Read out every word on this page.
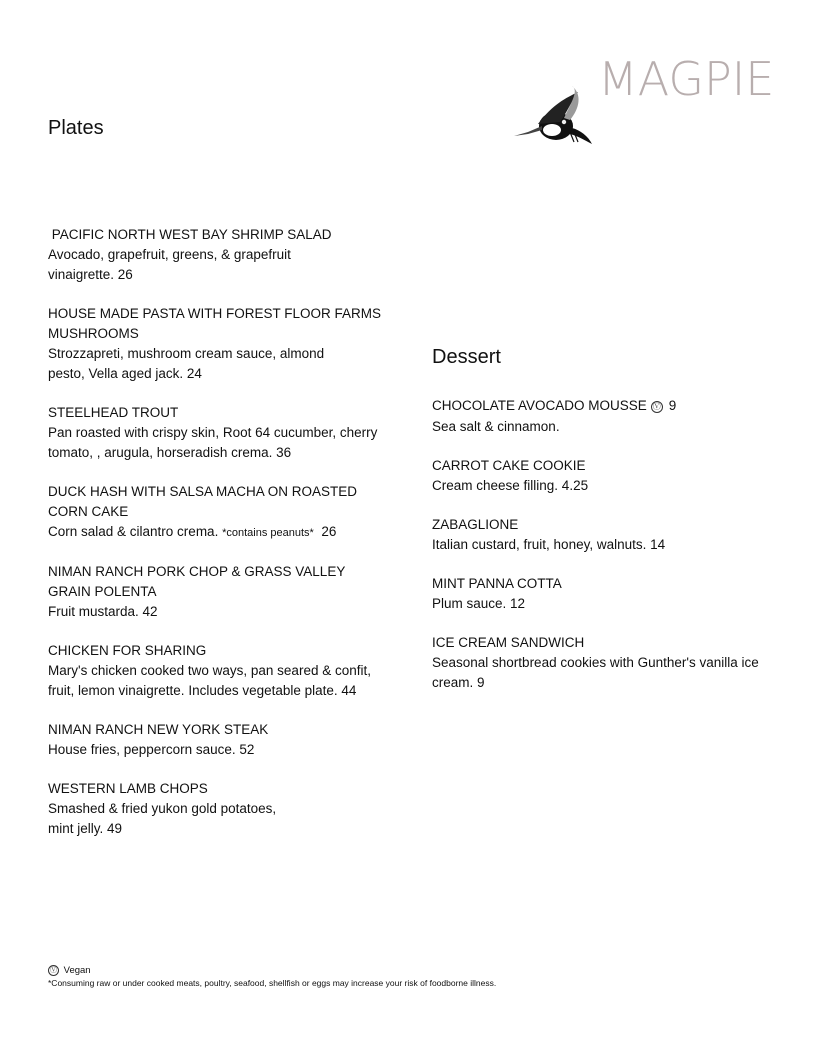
MAGPIE
Plates
PACIFIC NORTH WEST BAY SHRIMP SALAD
Avocado, grapefruit, greens, & grapefruit vinaigrette. 26
HOUSE MADE PASTA WITH FOREST FLOOR FARMS MUSHROOMS
Strozzapreti, mushroom cream sauce, almond pesto, Vella aged jack. 24
STEELHEAD TROUT
Pan roasted with crispy skin, Root 64 cucumber, cherry tomato, , arugula, horseradish crema. 36
DUCK HASH WITH SALSA MACHA ON ROASTED CORN CAKE
Corn salad & cilantro crema. *contains peanuts*  26
NIMAN RANCH PORK CHOP & GRASS VALLEY GRAIN POLENTA
Fruit mustarda. 42
CHICKEN FOR SHARING
Mary's chicken cooked two ways, pan seared & confit, fruit, lemon vinaigrette. Includes vegetable plate. 44
NIMAN RANCH NEW YORK STEAK
House fries, peppercorn sauce. 52
WESTERN LAMB CHOPS
Smashed & fried yukon gold potatoes,
mint jelly. 49
Dessert
CHOCOLATE AVOCADO MOUSSE Ⓥ 9
Sea salt & cinnamon.
CARROT CAKE COOKIE
Cream cheese filling. 4.25
ZABAGLIONE
Italian custard, fruit, honey, walnuts. 14
MINT PANNA COTTA
Plum sauce. 12
ICE CREAM SANDWICH
Seasonal shortbread cookies with Gunther's vanilla ice cream. 9
Ⓥ Vegan
*Consuming raw or under cooked meats, poultry, seafood, shellfish or eggs may increase your risk of foodborne illness.
